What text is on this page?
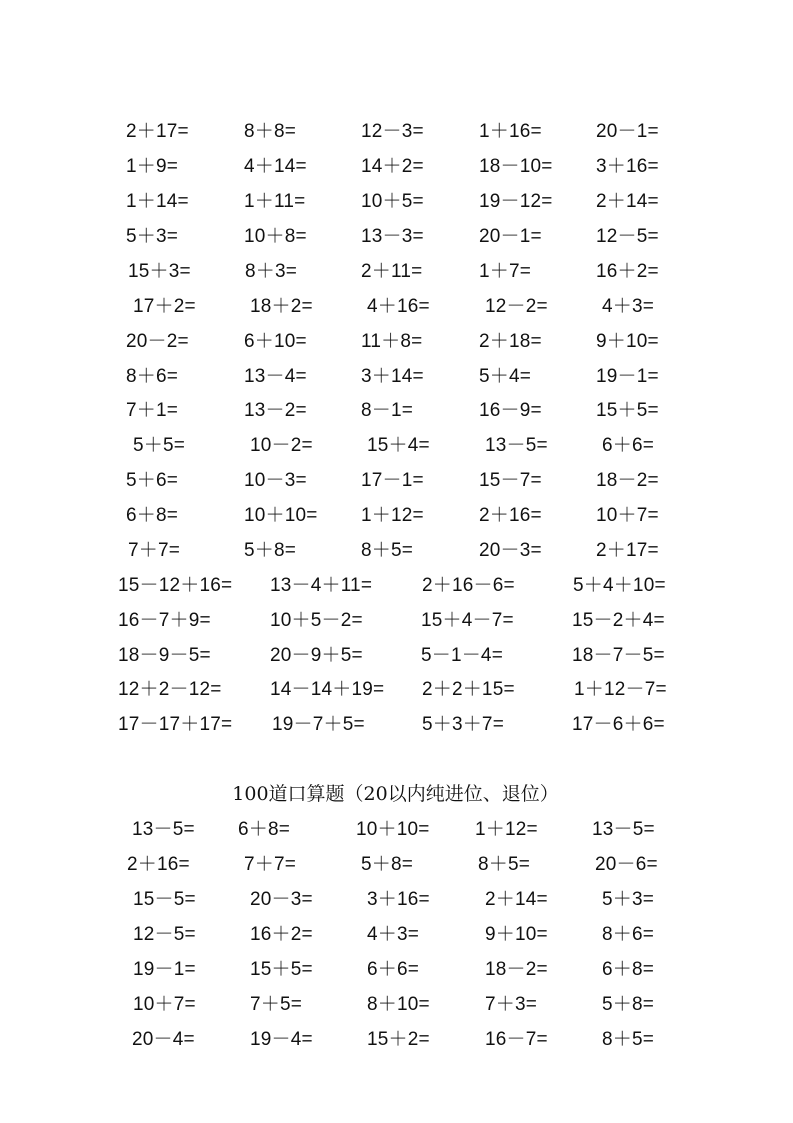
2＋17=	8＋8=	12－3=	1＋16=	20－1=
1＋9=	4＋14=	14＋2=	18－10= 3＋16=
1＋14=	1＋11=	10＋5=	19－12= 2＋14=
5＋3=	10＋8=	13－3=	20－1=	12－5=
15＋3=	8＋3=	2＋11=	1＋7=	16＋2=
17＋2=	18＋2=	4＋16=	12－2=	4＋3=
20－2=	6＋10=	11＋8=	2＋18=	9＋10=
8＋6=	13－4=	3＋14=	5＋4=	19－1=
7＋1=	13－2=	8－1=	16－9=	15＋5=
5＋5=	10－2=	15＋4=	13－5=	6＋6=
5＋6=	10－3=	17－1=	15－7=	18－2=
6＋8=	10＋10= 1＋12=	2＋16=	10＋7=
7＋7=	5＋8=	8＋5=	20－3=	2＋17=
15－12＋16= 13－4＋11=	2＋16－6=	5＋4＋10=
16－7＋9=	10＋5－2=	15＋4－7=	15－2＋4=
18－9－5=	20－9＋5=	5－1－4=	18－7－5=
12＋2－12=	14－14＋19= 2＋2＋15=	1＋12－7=
17－17＋17= 19－7＋5=	5＋3＋7=	17－6＋6=
100道口算题（20以内纯进位、退位）
13－5= 6＋8=	10＋10= 1＋12=	13－5=
2＋16=	7＋7=	5＋8=	8＋5=	20－6=
15－5=	20－3=	3＋16=	2＋14=	5＋3=
12－5=	16＋2=	4＋3=	9＋10=	8＋6=
19－1=	15＋5=	6＋6=	18－2=	6＋8=
10＋7=	7＋5=	8＋10=	7＋3=	5＋8=
20－4=	19－4=	15＋2=	16－7=	8＋5=
